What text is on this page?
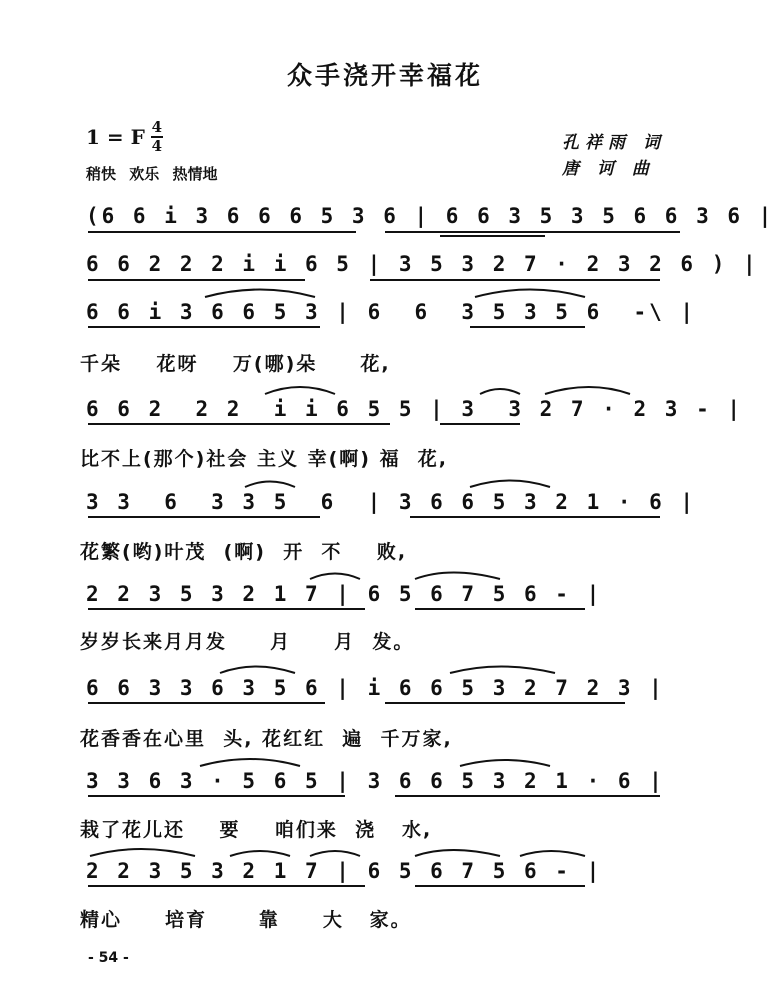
众手浇开幸福花
1 = F $\frac{4}{4}$
稍快 欢乐 热情地
孔祥雨 词
唐 诃 曲
(6 6 i 3 6 6 6 5 3 6 | 6 6 3 5 3 5 6 6 3 6 |
6 6 2 2 2 i i 6 5 | 3 5 3 2 7 · 2 3 2 6 ) |
6 6 i 3 6 6 5 3 | 6  6  3 5 3 5 6  -\ |
千朵    花呀    万(哪)朵     花,
6 6 2  2 2  i i 6 5 5 | 3  3 2 7 · 2 3 - |
比不上(那个)社会 主义 幸(啊) 福  花,
3 3  6  3 3 5  6  | 3 6 6 5 3 2 1 · 6 |
花繁(哟)叶茂  (啊)  开  不    败,
2 2 3 5 3 2 1 7 | 6 5 6 7 5 6 - |
岁岁长来月月发     月     月  发。
6 6 3 3 6 3 5 6 | i 6 6 5 3 2 7 2 3 |
花香香在心里  头, 花红红  遍  千万家,
3 3 6 3 · 5 6 5 | 3 6 6 5 3 2 1 · 6 |
栽了花儿还    要    咱们来  浇   水,
2 2 3 5 3 2 1 7 | 6 5 6 7 5 6 - |
精心     培育      靠     大   家。
- 54 -
